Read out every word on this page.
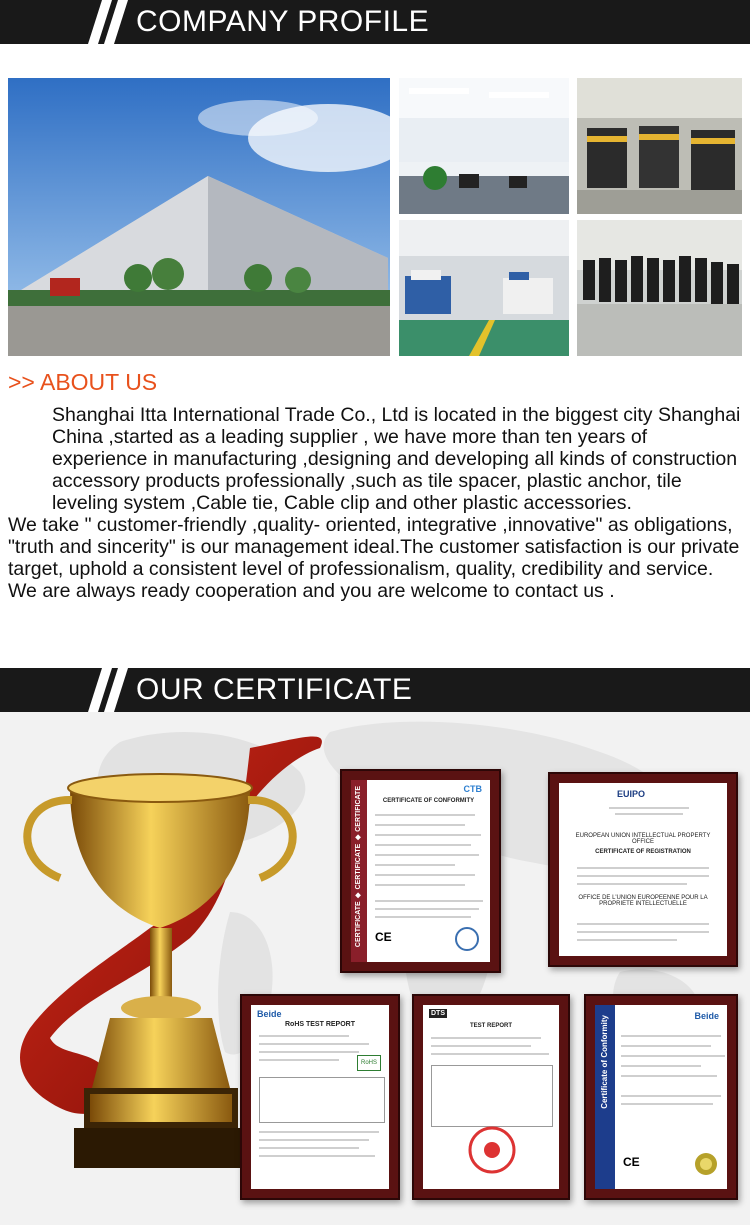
COMPANY PROFILE
>> ABOUT US

Shanghai Itta International Trade Co., Ltd is located in the biggest city Shanghai China ,started as a leading supplier , we have more than ten years of experience in manufacturing ,designing and developing all kinds of construction accessory products professionally ,such as tile spacer, plastic anchor, tile leveling system ,Cable tie, Cable clip and other plastic accessories.

We take " customer-friendly ,quality- oriented, integrative ,innovative" as obligations, "truth and sincerity" is our management ideal.The customer satisfaction is our private target, uphold a consistent level of professionalism, quality, credibility and service.

We are always ready cooperation and you are welcome to contact us .

OUR CERTIFICATE
CERTIFICATE ◆ CERTIFICATE ◆ CERTIFICATE	CTB
CERTIFICATE OF CONFORMITY
CE
EUIPO
EUROPEAN UNION INTELLECTUAL PROPERTY OFFICE
CERTIFICATE OF REGISTRATION
OFFICE DE L'UNION EUROPEENNE POUR LA PROPRIETE INTELLECTUELLE
Beide
RoHS TEST REPORT
RoHS
DTS
TEST REPORT	Certificate of Conformity	Beide
CE
